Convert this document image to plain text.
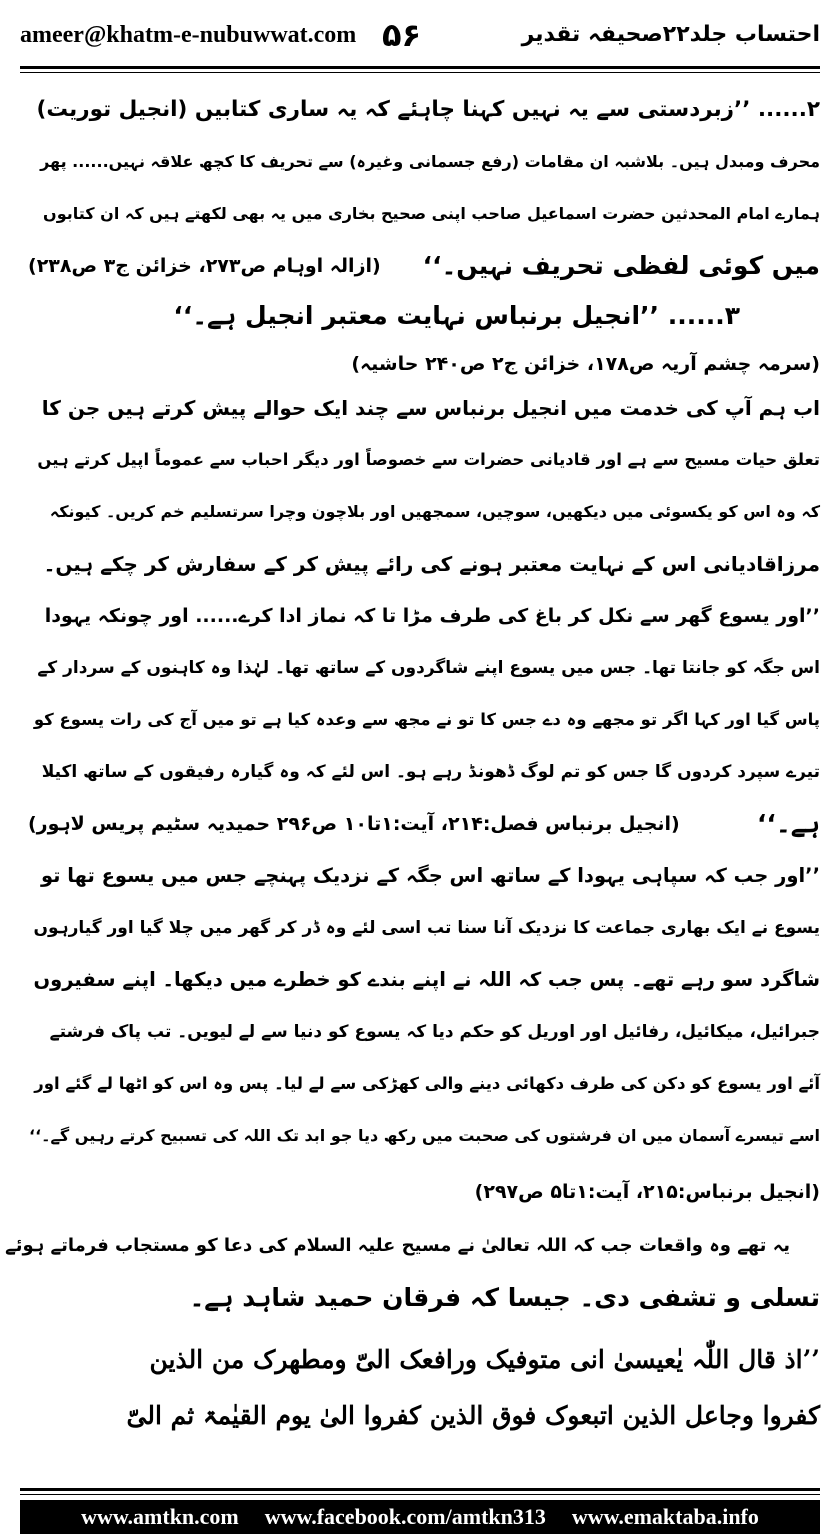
ameer@khatm-e-nubuwwat.com ۵۶	احتساب جلد۲۲صحیفہ تقدیر
۲...... ’’زبردستی سے یہ نہیں کہنا چاہئے کہ یہ ساری کتابیں (انجیل توریت)
محرف ومبدل ہیں۔ بلاشبہ ان مقامات (رفع جسمانی وغیرہ) سے تحریف کا کچھ علاقہ نہیں...... پھر
ہمارے امام المحدثین حضرت اسماعیل صاحب اپنی صحیح بخاری میں یہ بھی لکھتے ہیں کہ ان کتابوں
میں کوئی لفظی تحریف نہیں۔‘‘
(ازالہ اوہام ص۲۷۳، خزائن ج۳ ص۲۳۸)
۳...... ’’انجیل برنباس نہایت معتبر انجیل ہے۔‘‘
(سرمہ چشم آریہ ص۱۷۸، خزائن ج۲ ص۲۴۰ حاشیہ)
اب ہم آپ کی خدمت میں انجیل برنباس سے چند ایک حوالے پیش کرتے ہیں جن کا
تعلق حیات مسیح سے ہے اور قادیانی حضرات سے خصوصاً اور دیگر احباب سے عموماً اپیل کرتے ہیں
کہ وہ اس کو یکسوئی میں دیکھیں، سوچیں، سمجھیں اور بلاچون وچرا سرتسلیم خم کریں۔ کیونکہ
مرزاقادیانی اس کے نہایت معتبر ہونے کی رائے پیش کر کے سفارش کر چکے ہیں۔
’’اور یسوع گھر سے نکل کر باغ کی طرف مڑا تا کہ نماز ادا کرے...... اور چونکہ یہودا
اس جگہ کو جانتا تھا۔ جس میں یسوع اپنے شاگردوں کے ساتھ تھا۔ لہٰذا وہ کاہنوں کے سردار کے
پاس گیا اور کہا اگر تو مجھے وہ دے جس کا تو نے مجھ سے وعدہ کیا ہے تو میں آج کی رات یسوع کو
تیرے سپرد کردوں گا جس کو تم لوگ ڈھونڈ رہے ہو۔ اس لئے کہ وہ گیارہ رفیقوں کے ساتھ اکیلا
ہے۔‘‘
(انجیل برنباس فصل:۲۱۴، آیت:۱تا۱۰ ص۲۹۶ حمیدیہ سٹیم پریس لاہور)
’’اور جب کہ سپاہی یہودا کے ساتھ اس جگہ کے نزدیک پہنچے جس میں یسوع تھا تو
یسوع نے ایک بھاری جماعت کا نزدیک آنا سنا تب اسی لئے وہ ڈر کر گھر میں چلا گیا اور گیارہوں
شاگرد سو رہے تھے۔ پس جب کہ اللہ نے اپنے بندے کو خطرے میں دیکھا۔ اپنے سفیروں
جبرائیل، میکائیل، رفائیل اور اوریل کو حکم دیا کہ یسوع کو دنیا سے لے لیویں۔ تب پاک فرشتے
آئے اور یسوع کو دکن کی طرف دکھائی دینے والی کھڑکی سے لے لیا۔ پس وہ اس کو اٹھا لے گئے اور
اسے تیسرے آسمان میں ان فرشتوں کی صحبت میں رکھ دیا جو ابد تک اللہ کی تسبیح کرتے رہیں گے۔‘‘
(انجیل برنباس:۲۱۵، آیت:۱تا۵ ص۲۹۷)
یہ تھے وہ واقعات جب کہ اللہ تعالیٰ نے مسیح علیہ السلام کی دعا کو مستجاب فرماتے ہوئے
تسلی و تشفی دی۔ جیسا کہ فرقان حمید شاہد ہے۔
’’اذ قال اللّٰہ یٰعیسیٰ انی متوفیک ورافعک الیّ ومطھرک من الذین
کفروا وجاعل الذین اتبعوک فوق الذین کفروا الیٰ یوم القیٰمۃ ثم الیّ
www.amtkn.com www.facebook.com/amtkn313 www.emaktaba.info
